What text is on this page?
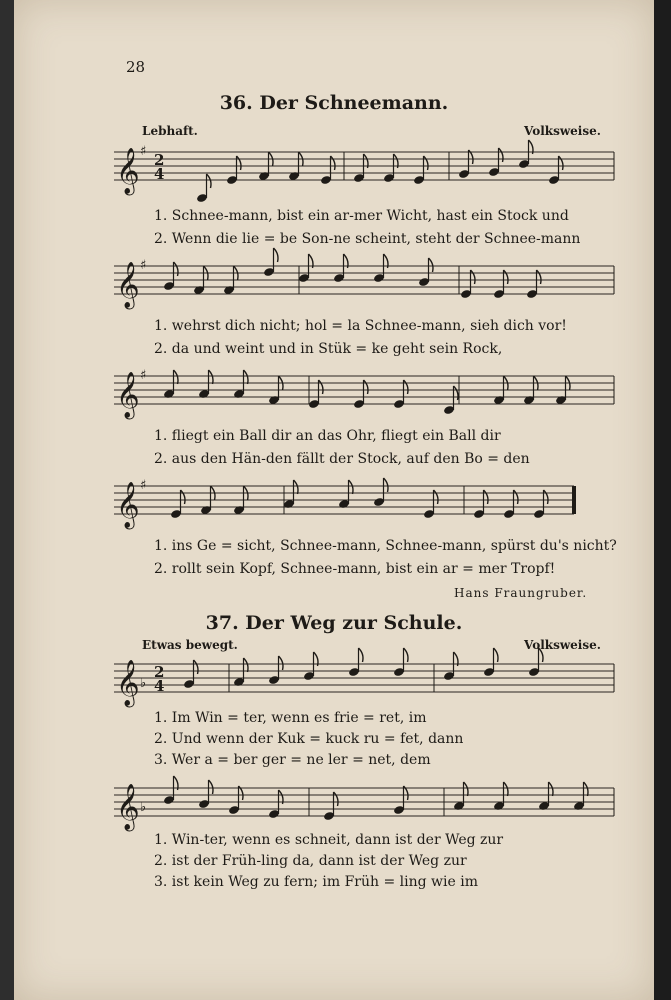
28
36. Der Schneemann.
Lebhaft.	Volksweise.
𝄞 ♯ 2
4
1. Schnee-mann, bist ein ar-mer Wicht, hast ein Stock und
2. Wenn die lie = be Son-ne scheint, steht der Schnee-mann
𝄞 ♯
1. wehrst dich nicht; hol = la Schnee-mann, sieh dich vor!
2. da und weint und in Stük = ke geht sein Rock,
𝄞 ♯
1. fliegt ein Ball dir an das Ohr, fliegt ein Ball dir
2. aus den Hän-den fällt der Stock, auf den Bo = den
𝄞 ♯
1. ins Ge = sicht, Schnee-mann, Schnee-mann, spürst du's nicht?
2. rollt sein Kopf, Schnee-mann, bist ein ar = mer Tropf!
Hans Fraungruber.
37. Der Weg zur Schule.
Etwas bewegt.	Volksweise.
𝄞 ♭
2
4
1. Im Win = ter, wenn es frie = ret, im
2. Und wenn der Kuk = kuck ru = fet, dann
3. Wer a = ber ger = ne ler = net, dem
𝄞 ♭
1. Win-ter, wenn es schneit, dann ist der Weg zur
2. ist der Früh-ling da, dann ist der Weg zur
3. ist kein Weg zu fern; im Früh = ling wie im
